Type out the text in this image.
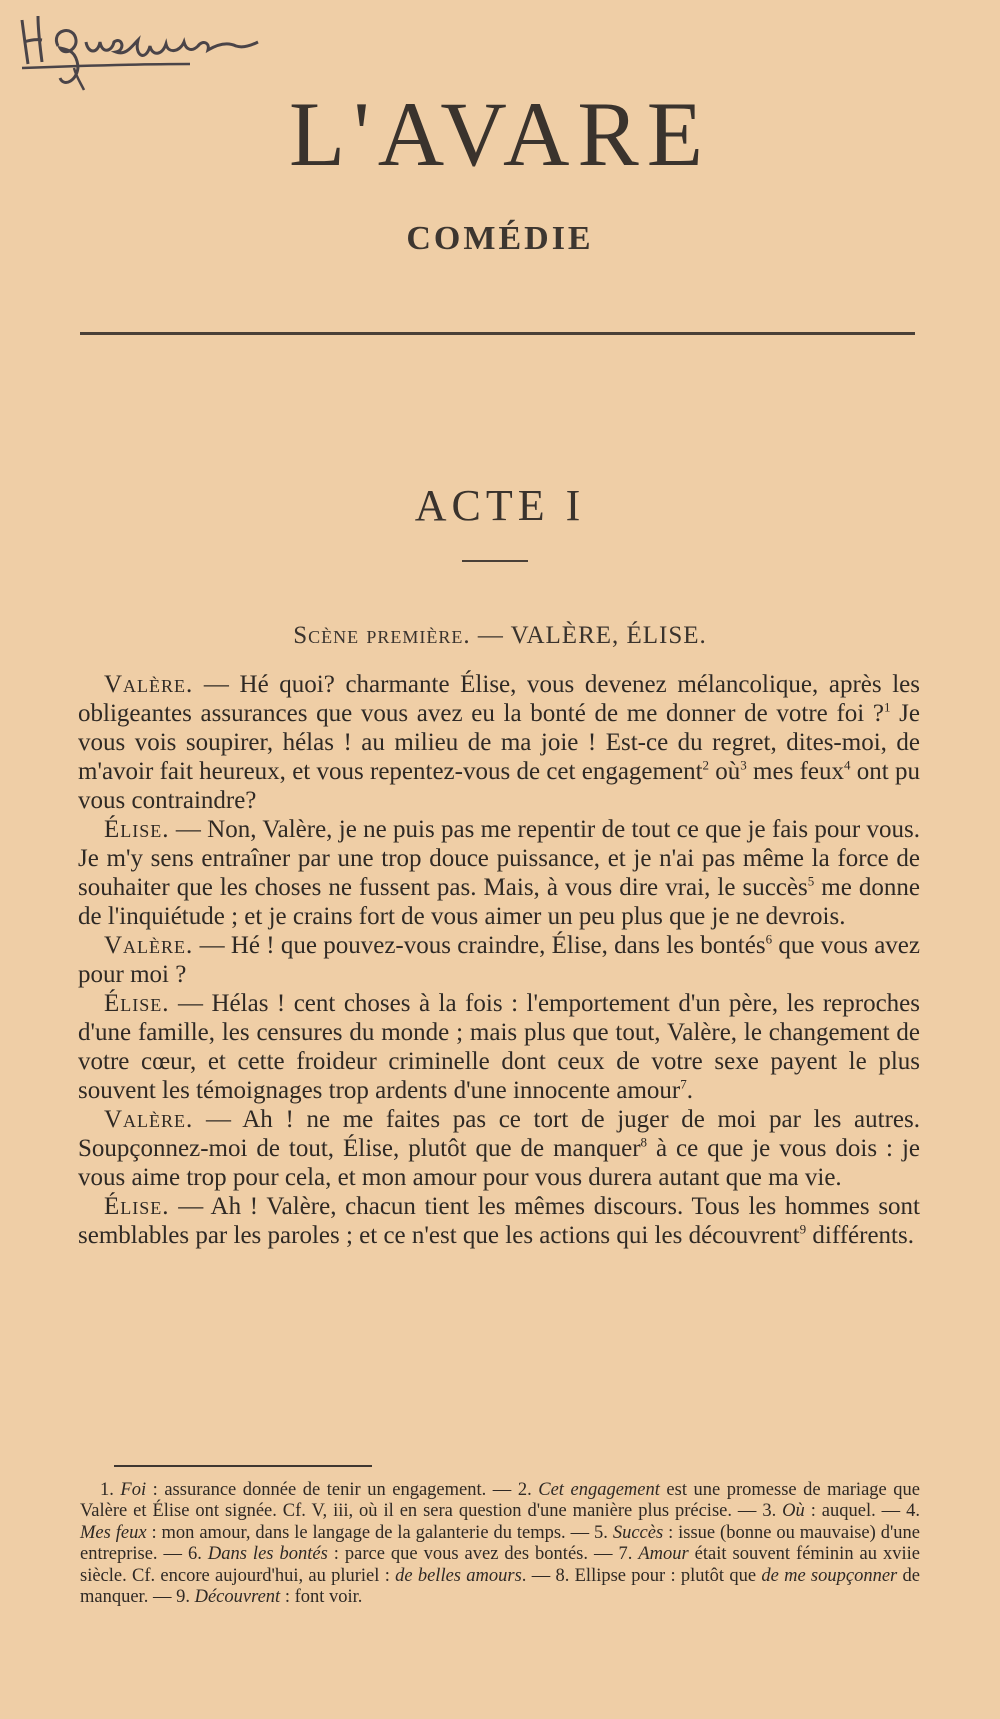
L'AVARE
COMÉDIE
ACTE I
Scène première. — VALÈRE, ÉLISE.

Valère. — Hé quoi? charmante Élise, vous devenez mélancolique, après les obligeantes assurances que vous avez eu la bonté de me donner de votre foi ?$^1$ Je vous vois soupirer, hélas ! au milieu de ma joie ! Est-ce du regret, dites-moi, de m'avoir fait heureux, et vous repentez-vous de cet engagement$^2$ $où^3$ mes feux$^4$ ont pu vous contraindre?

Élise. — Non, Valère, je ne puis pas me repentir de tout ce que je fais pour vous. Je m'y sens entraîner par une trop douce puissance, et je n'ai pas même la force de souhaiter que les choses ne fussent pas. Mais, à vous dire vrai, le succès$^5$ me donne de l'inquiétude ; et je crains fort de vous aimer un peu plus que je ne devrois.

Valère. — Hé ! que pouvez-vous craindre, Élise, dans les bontés$^6$ que vous avez pour moi ?

Élise. — Hélas ! cent choses à la fois : l'emportement d'un père, les reproches d'une famille, les censures du monde ; mais plus que tout, Valère, le changement de votre cœur, et cette froideur criminelle dont ceux de votre sexe payent le plus souvent les témoignages trop ardents d'une innocente amour$^7$.

Valère. — Ah ! ne me faites pas ce tort de juger de moi par les autres. Soupçonnez-moi de tout, Élise, plutôt que de manquer$^8$ à ce que je vous dois : je vous aime trop pour cela, et mon amour pour vous durera autant que ma vie.

Élise. — Ah ! Valère, chacun tient les mêmes discours. Tous les hommes sont semblables par les paroles ; et ce n'est que les actions qui les découvrent$^9$ différents.

1. Foi : assurance donnée de tenir un engagement. — 2. Cet engagement est une promesse de mariage que Valère et Élise ont signée. Cf. V, iii, où il en sera question d'une manière plus précise. — 3. Où : auquel. — 4. Mes feux : mon amour, dans le langage de la galanterie du temps. — 5. Succès : issue (bonne ou mauvaise) d'une entreprise. — 6. Dans les bontés : parce que vous avez des bontés. — 7. Amour était souvent féminin au xviie siècle. Cf. encore aujourd'hui, au pluriel : de belles amours. — 8. Ellipse pour : plutôt que de me soupçonner de manquer. — 9. Découvrent : font voir.
